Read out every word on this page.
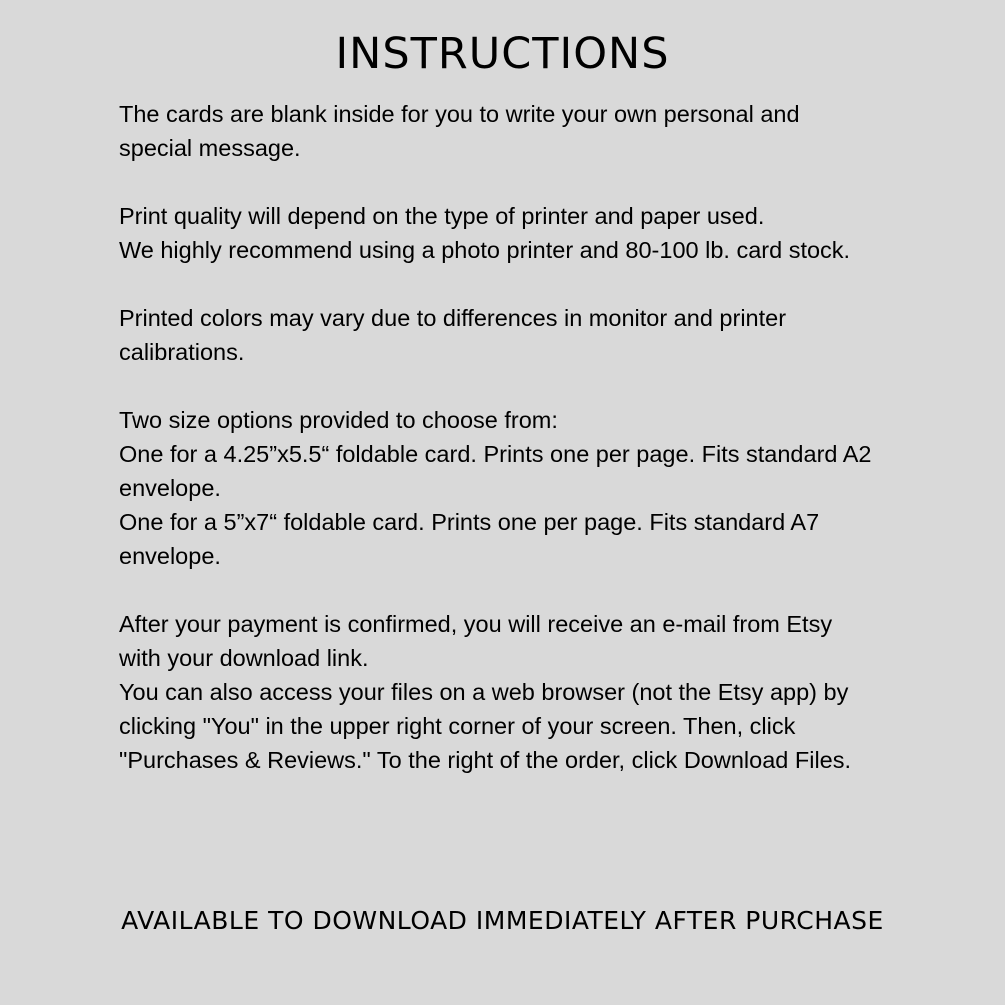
INSTRUCTIONS

The cards are blank inside for you to write your own personal and special message.

Print quality will depend on the type of printer and paper used.
We highly recommend using a photo printer and 80-100 lb. card stock.

Printed colors may vary due to differences in monitor and printer calibrations.

Two size options provided to choose from:
One for a 4.25”x5.5“ foldable card. Prints one per page. Fits standard A2 envelope.
One for a 5”x7“ foldable card. Prints one per page. Fits standard A7 envelope.

After your payment is confirmed, you will receive an e-mail from Etsy with your download link.
You can also access your files on a web browser (not the Etsy app) by clicking "You" in the upper right corner of your screen. Then, click "Purchases & Reviews." To the right of the order, click Download Files.

AVAILABLE TO DOWNLOAD IMMEDIATELY AFTER PURCHASE
